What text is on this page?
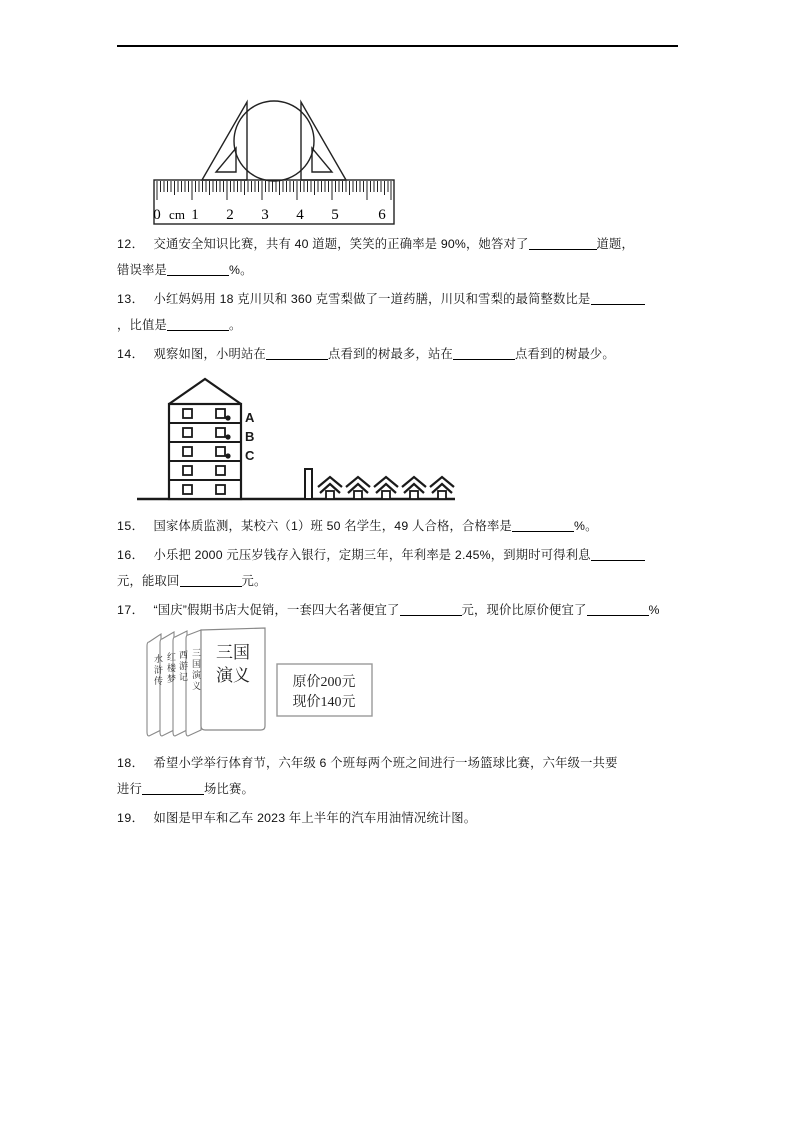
0 cm 1 2 3 4 5	6
12． 交通安全知识比赛，共有 40 道题，笑笑的正确率是 90%，她答对了	道题，
错误率是	%。
13． 小红妈妈用 18 克川贝和 360 克雪梨做了一道药膳，川贝和雪梨的最简整数比是
，比值是	。
14． 观察如图，小明站在	点看到的树最多，站在	点看到的树最少。
A
B
C
15． 国家体质监测，某校六（1）班 50 名学生，49 人合格，合格率是	%。
16． 小乐把 2000 元压岁钱存入银行，定期三年，年利率是 2.45%，到期时可得利息
元，能取回	元。
17． “国庆”假期书店大促销，一套四大名著便宜了	元，现价比原价便宜了	%
水
浒
传
红
楼
梦
西
游
记
三
国
演
义
三国
演义	原价200元
现价140元
18． 希望小学举行体育节，六年级 6 个班每两个班之间进行一场篮球比赛，六年级一共要
进行	场比赛。
19． 如图是甲车和乙车 2023 年上半年的汽车用油情况统计图。
